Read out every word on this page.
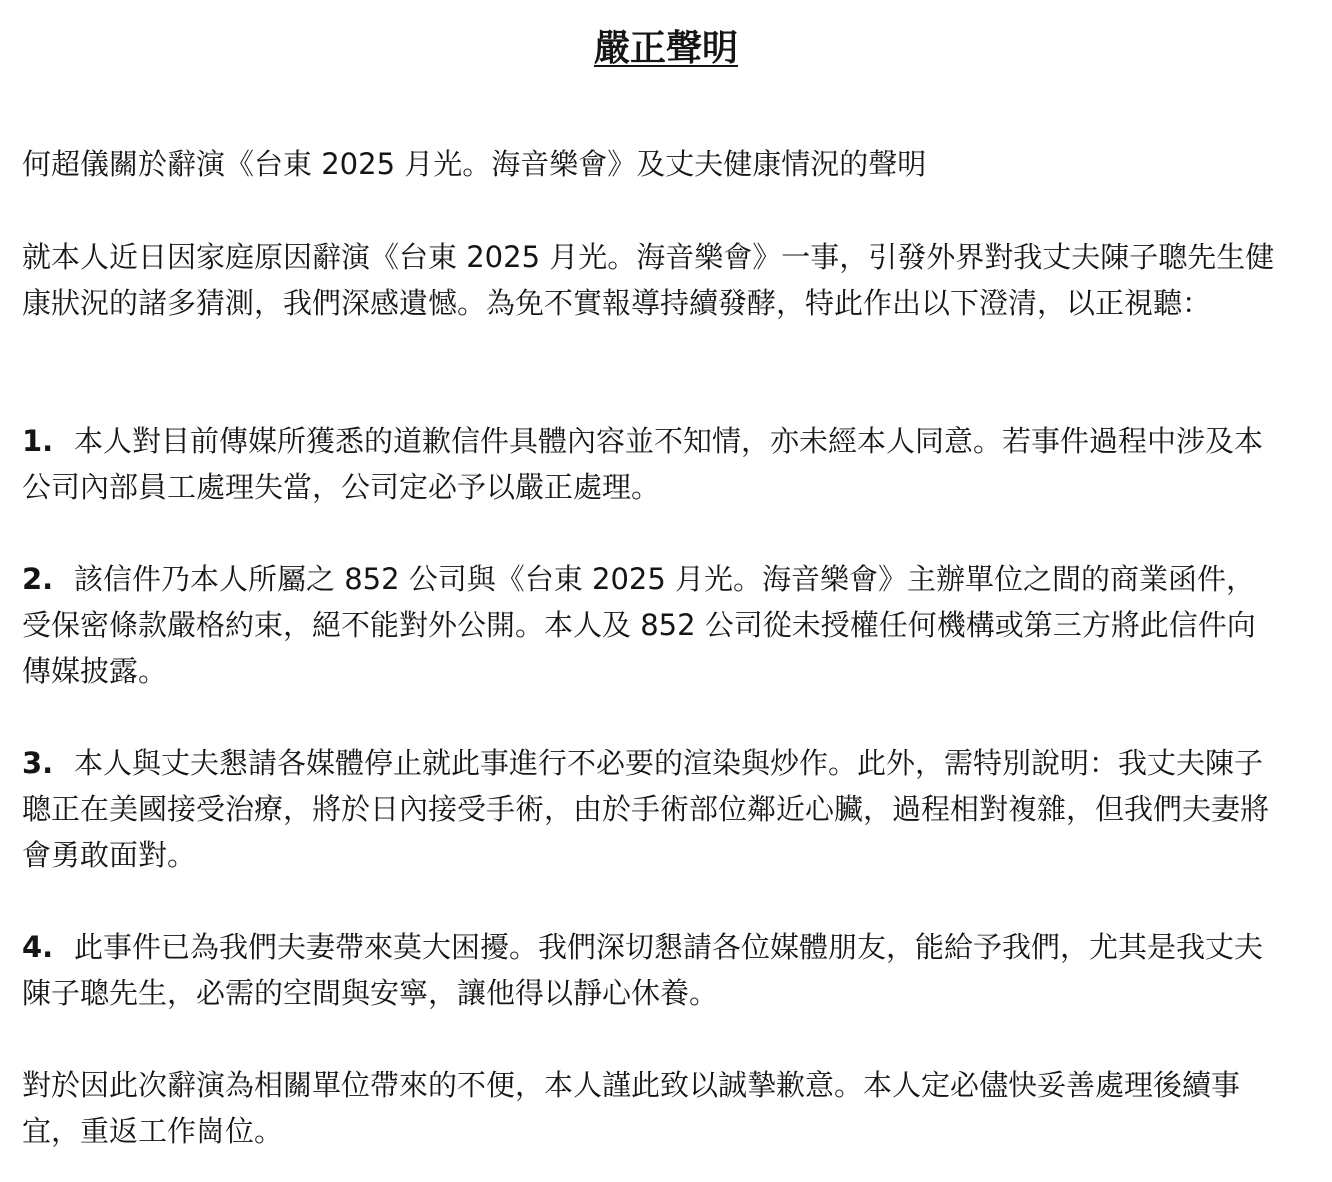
嚴正聲明

何超儀關於辭演《台東 2025 月光。海音樂會》及丈夫健康情況的聲明

就本人近日因家庭原因辭演《台東 2025 月光。海音樂會》一事，引發外界對我丈夫陳子聰先生健康狀況的諸多猜測，我們深感遺憾。為免不實報導持續發酵，特此作出以下澄清，以正視聽：

1. 本人對目前傳媒所獲悉的道歉信件具體內容並不知情，亦未經本人同意。若事件過程中涉及本公司內部員工處理失當，公司定必予以嚴正處理。
2. 該信件乃本人所屬之 852 公司與《台東 2025 月光。海音樂會》主辦單位之間的商業函件，受保密條款嚴格約束，絕不能對外公開。本人及 852 公司從未授權任何機構或第三方將此信件向傳媒披露。
3. 本人與丈夫懇請各媒體停止就此事進行不必要的渲染與炒作。此外，需特別說明：我丈夫陳子聰正在美國接受治療，將於日內接受手術，由於手術部位鄰近心臟，過程相對複雜，但我們夫妻將會勇敢面對。
4. 此事件已為我們夫妻帶來莫大困擾。我們深切懇請各位媒體朋友，能給予我們，尤其是我丈夫陳子聰先生，必需的空間與安寧，讓他得以靜心休養。

對於因此次辭演為相關單位帶來的不便，本人謹此致以誠摯歉意。本人定必儘快妥善處理後續事宜，重返工作崗位。
